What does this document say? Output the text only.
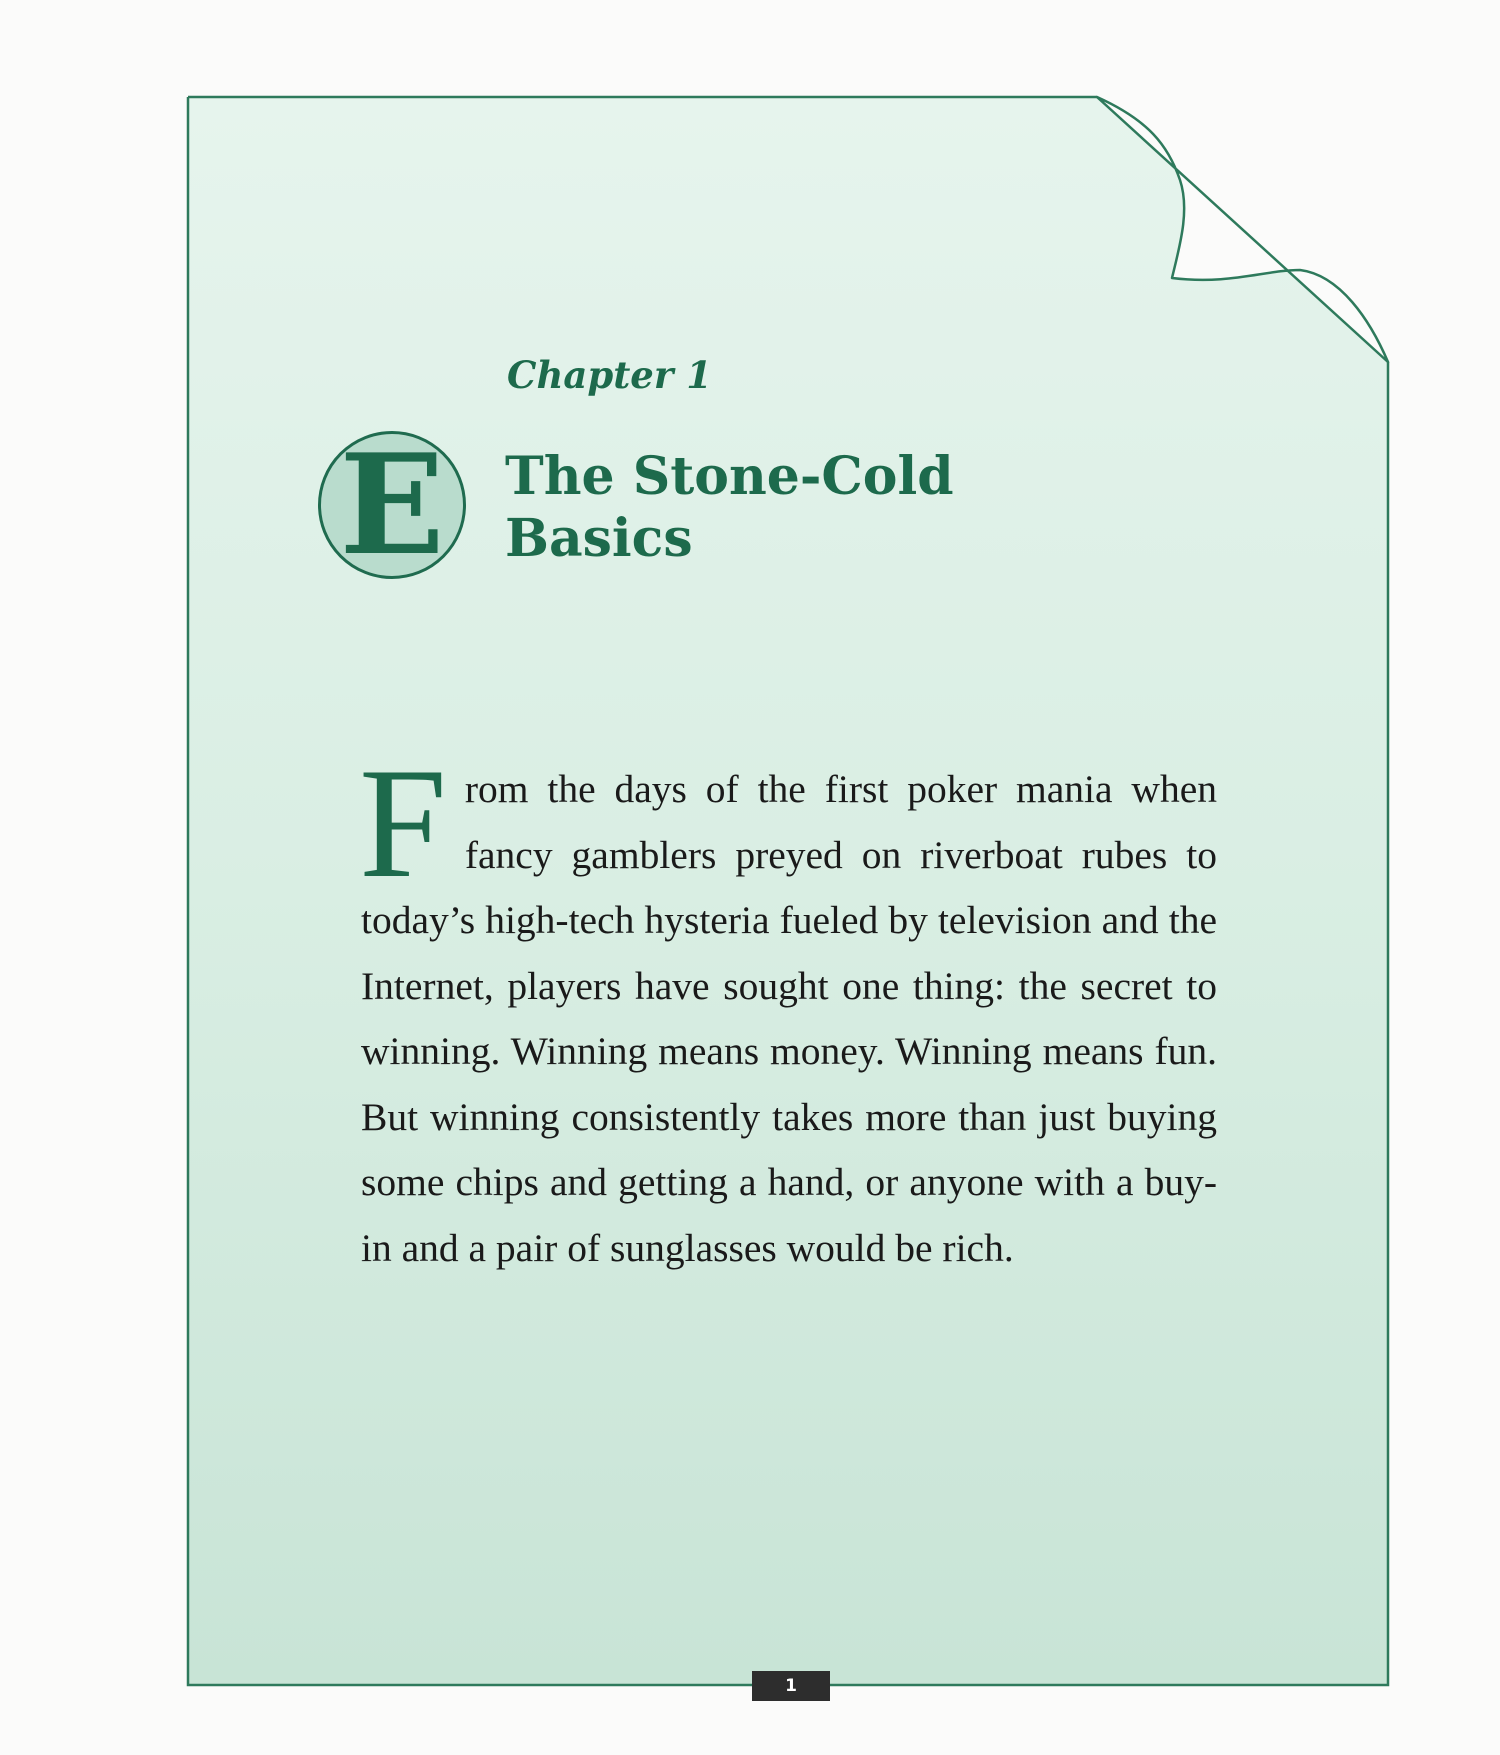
Chapter 1
E	The Stone-Cold Basics

F rom the days of the first poker mania when fancy gamblers preyed on riverboat rubes to today’s high-tech hysteria fueled by television and the Internet, players have sought one thing: the secret to winning. Winning means money. Winning means fun. But winning consistently takes more than just buying some chips and getting a hand, or anyone with a buy-in and a pair of sunglasses would be rich.

1
